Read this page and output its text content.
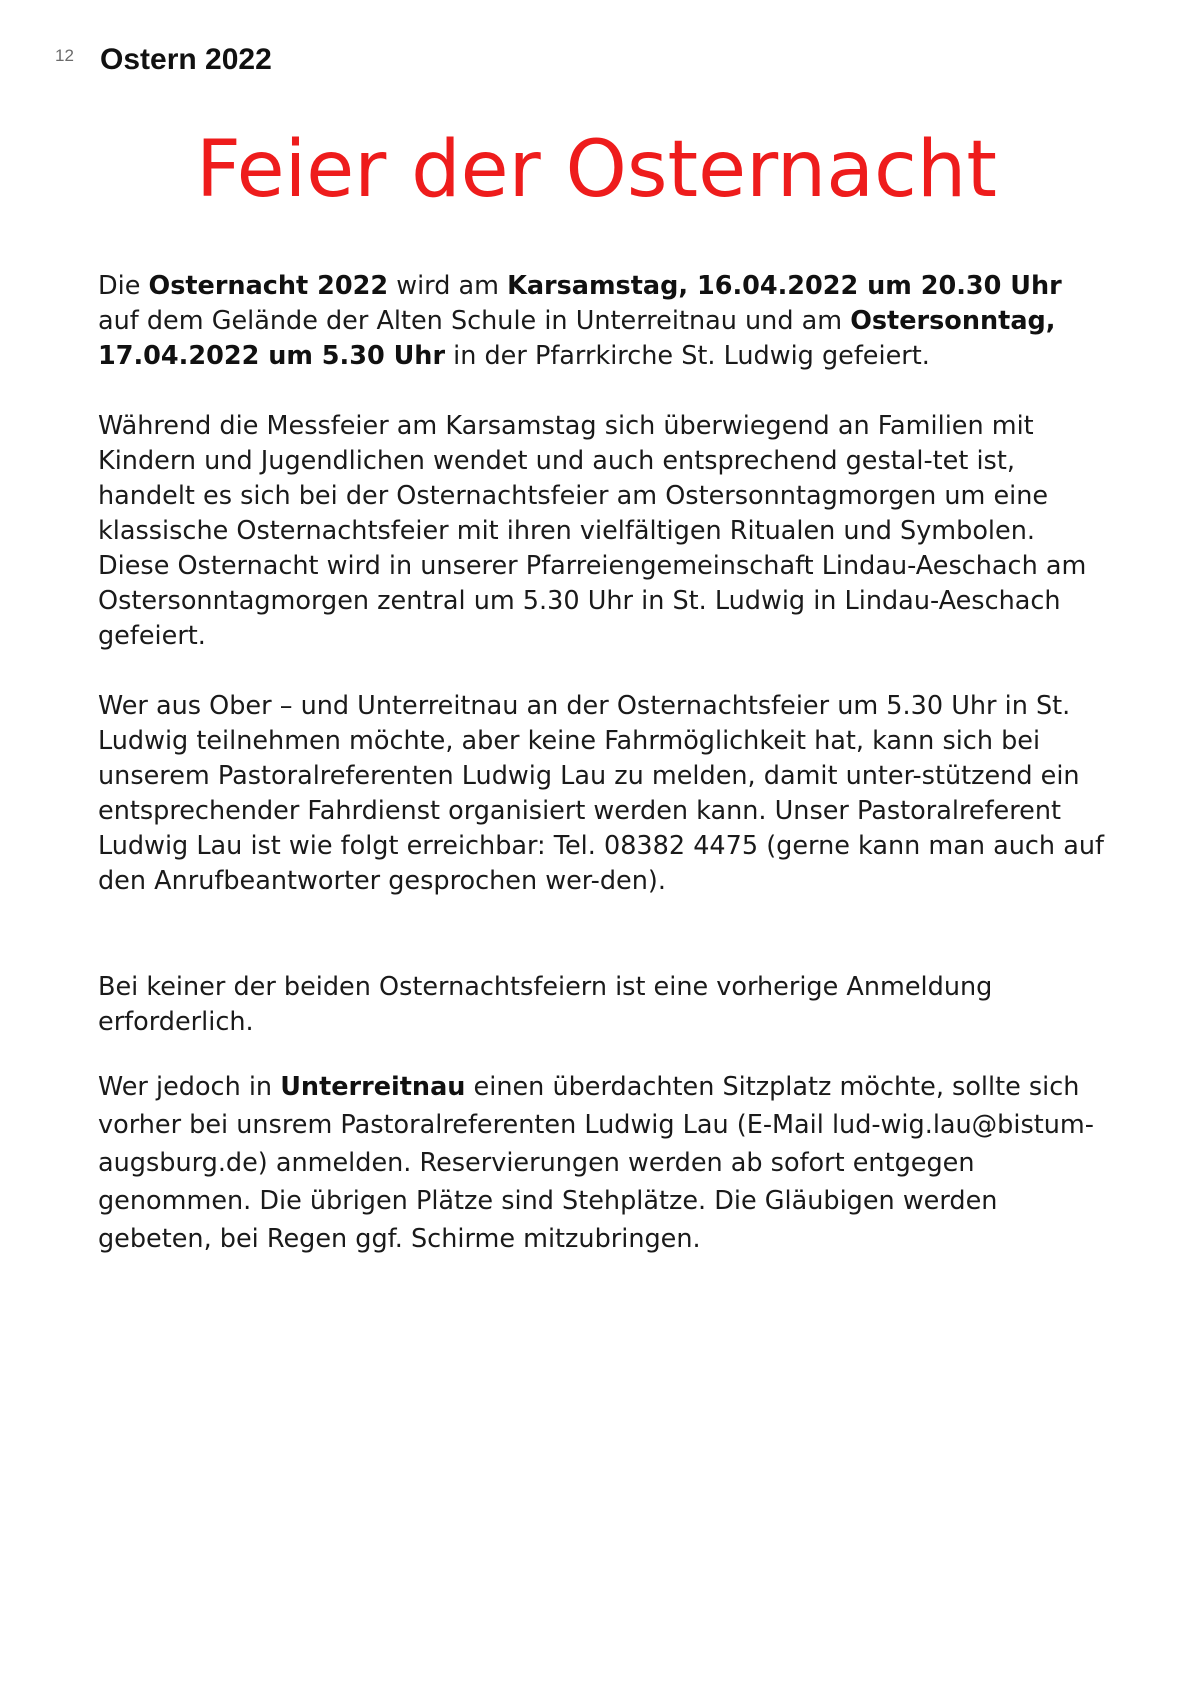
12 Ostern 2022
Feier der Osternacht

Die Osternacht 2022 wird am Karsamstag, 16.04.2022 um 20.30 Uhr auf dem Gelände der Alten Schule in Unterreitnau und am Ostersonntag, 17.04.2022 um 5.30 Uhr in der Pfarrkirche St. Ludwig gefeiert.

Während die Messfeier am Karsamstag sich überwiegend an Familien mit Kindern und Jugendlichen wendet und auch entsprechend gestal-tet ist, handelt es sich bei der Osternachtsfeier am Ostersonntagmorgen um eine klassische Osternachtsfeier mit ihren vielfältigen Ritualen und Symbolen. Diese Osternacht wird in unserer Pfarreiengemeinschaft Lindau-Aeschach am Ostersonntagmorgen zentral um 5.30 Uhr in St. Ludwig in Lindau-Aeschach gefeiert.

Wer aus Ober – und Unterreitnau an der Osternachtsfeier um 5.30 Uhr in St. Ludwig teilnehmen möchte, aber keine Fahrmöglichkeit hat, kann sich bei unserem Pastoralreferenten Ludwig Lau zu melden, damit unter-stützend ein entsprechender Fahrdienst organisiert werden kann. Unser Pastoralreferent Ludwig Lau ist wie folgt erreichbar: Tel. 08382 4475 (gerne kann man auch auf den Anrufbeantworter gesprochen wer-den).

Bei keiner der beiden Osternachtsfeiern ist eine vorherige Anmeldung erforderlich.

Wer jedoch in Unterreitnau einen überdachten Sitzplatz möchte, sollte sich vorher bei unsrem Pastoralreferenten Ludwig Lau (E-Mail lud-wig.lau@bistum-augsburg.de) anmelden. Reservierungen werden ab sofort entgegen genommen. Die übrigen Plätze sind Stehplätze. Die Gläubigen werden gebeten, bei Regen ggf. Schirme mitzubringen.
